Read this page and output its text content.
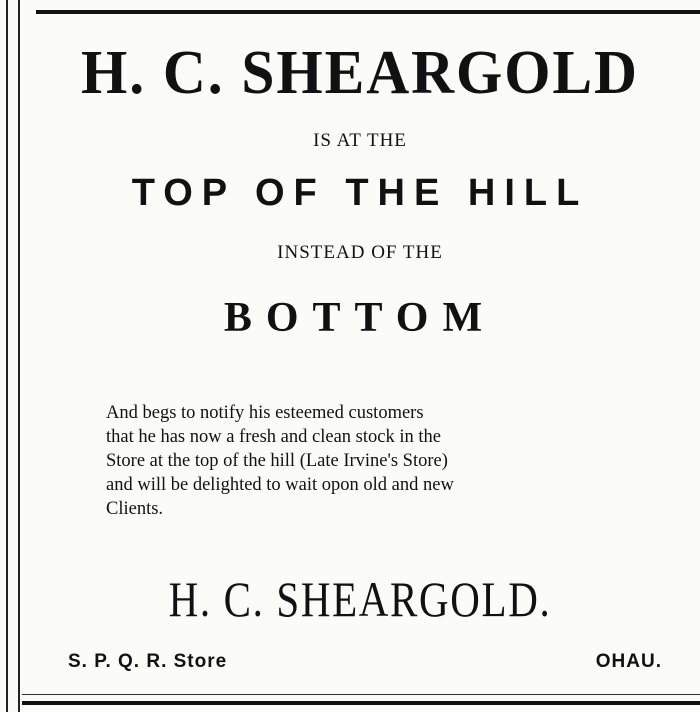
H. C. SHEARGOLD
IS AT THE
TOP OF THE HILL
INSTEAD OF THE
BOTTOM
And begs to notify his esteemed customers
that he has now a fresh and clean stock in the
Store at the top of the hill (Late Irvine's Store)
and will be delighted to wait opon old and new
Clients.
H. C. SHEARGOLD.
S. P. Q. R. Store	OHAU.
